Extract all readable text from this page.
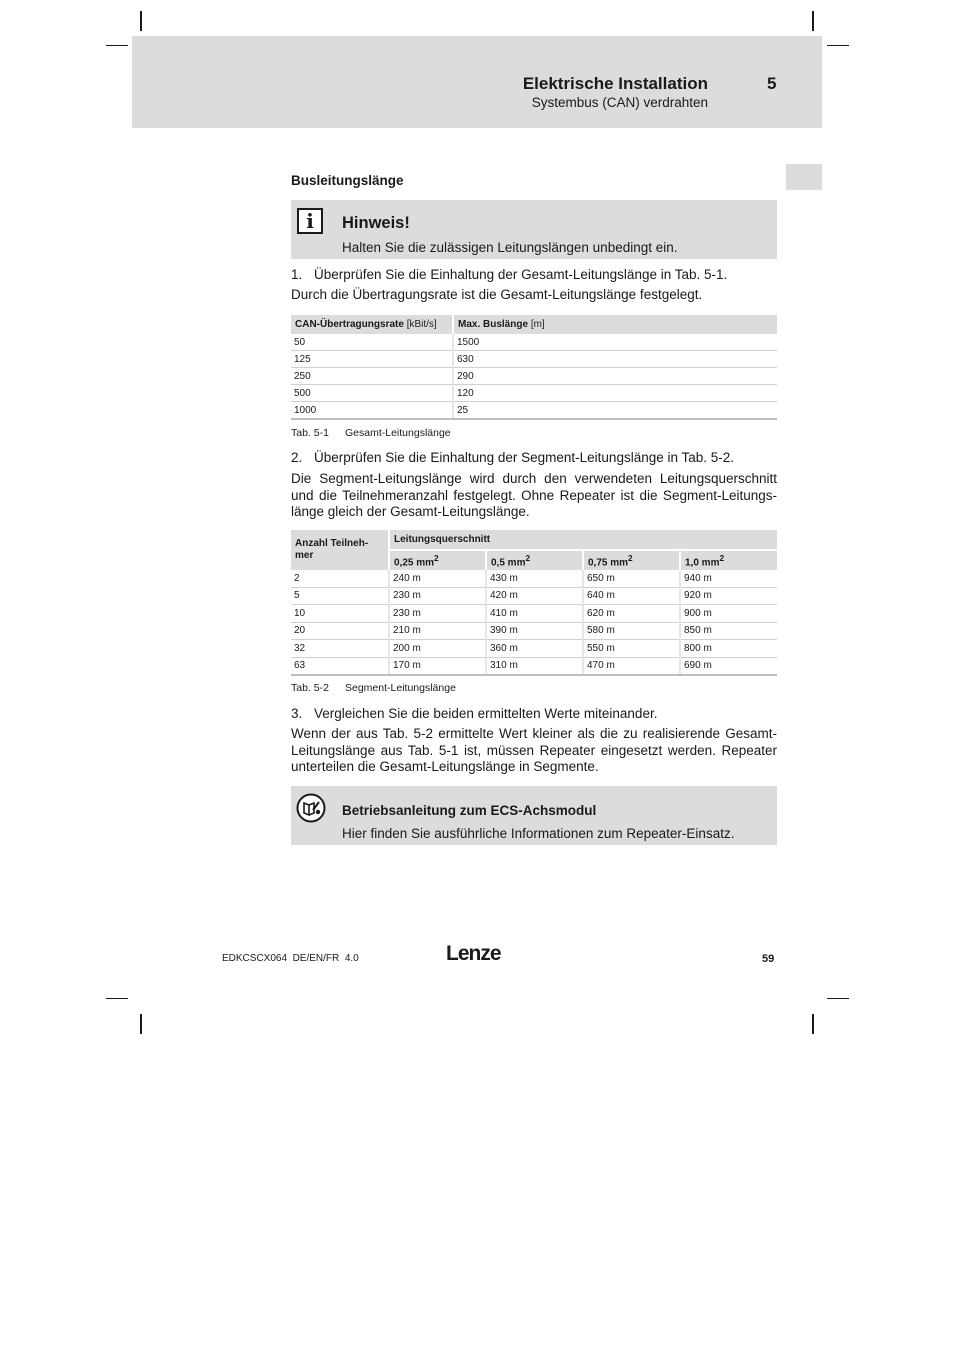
Elektrische Installation	5
Systembus (CAN) verdrahten
Busleitungslänge
i	Hinweis!
Halten Sie die zulässigen Leitungslängen unbedingt ein.
1. Überprüfen Sie die Einhaltung der Gesamt-Leitungslänge in Tab. 5-1.
Durch die Übertragungsrate ist die Gesamt-Leitungslänge festgelegt.
CAN-Übertragungsrate [kBit/s]	Max. Buslänge [m]
50	1500
125	630
250	290
500	120
1000	25
Tab. 5-1 Gesamt-Leitungslänge
2. Überprüfen Sie die Einhaltung der Segment-Leitungslänge in Tab. 5-2.
Die Segment-Leitungslänge wird durch den verwendeten Leitungsquerschnitt und die Teilnehmeranzahl festgelegt. Ohne Repeater ist die Segment-Leitungs-länge gleich der Gesamt-Leitungslänge.
Anzahl Teilneh-mer	Leitungsquerschnitt			
	0,25 $mm^2$	0,5 $mm^2$	0,75 $mm^2$	1,0 $mm^2$
2	240 m	430 m	650 m	940 m
5	230 m	420 m	640 m	920 m
10	230 m	410 m	620 m	900 m
20	210 m	390 m	580 m	850 m
32	200 m	360 m	550 m	800 m
63	170 m	310 m	470 m	690 m
Tab. 5-2 Segment-Leitungslänge
3. Vergleichen Sie die beiden ermittelten Werte miteinander.
Wenn der aus Tab. 5-2 ermittelte Wert kleiner als die zu realisierende Gesamt-Leitungslänge aus Tab. 5-1 ist, müssen Repeater eingesetzt werden. Repeater unterteilen die Gesamt-Leitungslänge in Segmente.
Betriebsanleitung zum ECS-Achsmodul
Hier finden Sie ausführliche Informationen zum Repeater-Einsatz.
EDKCSCX064  DE/EN/FR  4.0	Lenze	59
